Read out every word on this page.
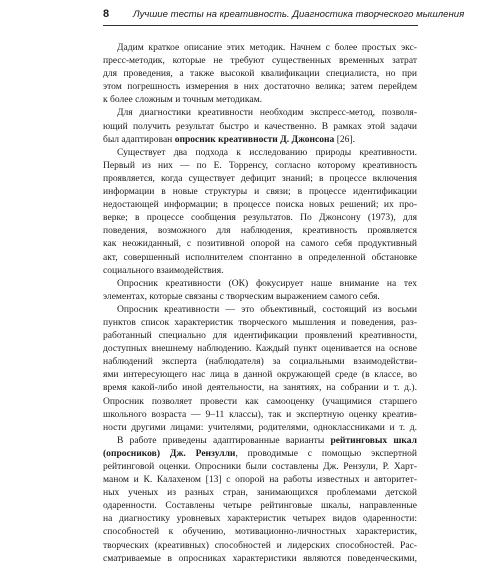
8 Лучшие тесты на креативность. Диагностика творческого мышления
Дадим краткое описание этих методик. Начнем с более простых экс-
пресс-методик, которые не требуют существенных временных затрат
для проведения, а также высокой квалификации специалиста, но при
этом погрешность измерения в них достаточно велика; затем перейдем
к более сложным и точным методикам.
Для диагностики креативности необходим экспресс-метод, позволя-
ющий получить результат быстро и качественно. В рамках этой задачи
был адаптирован опросник креативности Д. Джонсона [26].
Существует два подхода к исследованию природы креативности.
Первый из них — по Е. Торренсу, согласно которому креативность
проявляется, когда существует дефицит знаний; в процессе включения
информации в новые структуры и связи; в процессе идентификации
недостающей информации; в процессе поиска новых решений; их про-
верке; в процессе сообщения результатов. По Джонсону (1973), для
поведения, возможного для наблюдения, креативность проявляется
как неожиданный, с позитивной опорой на самого себя продуктивный
акт, совершенный исполнителем спонтанно в определенной обстановке
социального взаимодействия.
Опросник креативности (ОК) фокусирует наше внимание на тех
элементах, которые связаны с творческим выражением самого себя.
Опросник креативности — это объективный, состоящий из восьми
пунктов список характеристик творческого мышления и поведения, раз-
работанный специально для идентификации проявлений креативности,
доступных внешнему наблюдению. Каждый пункт оценивается на основе
наблюдений эксперта (наблюдателя) за социальными взаимодействи-
ями интересующего нас лица в данной окружающей среде (в классе, во
время какой-либо иной деятельности, на занятиях, на собрании и т. д.).
Опросник позволяет провести как самооценку (учащимися старшего
школьного возраста — 9–11 классы), так и экспертную оценку креатив-
ности другими лицами: учителями, родителями, одноклассниками и т. д.
В работе приведены адаптированные варианты рейтинговых шкал
(опросников) Дж. Рензулли, проводимые с помощью экспертной
рейтинговой оценки. Опросники были составлены Дж. Рензули, Р. Харт-
маном и К. Калахеном [13] с опорой на работы известных и авторитет-
ных ученых из разных стран, занимающихся проблемами детской
одаренности. Составлены четыре рейтинговые шкалы, направленные
на диагностику уровневых характеристик четырех видов одаренности:
способностей к обучению, мотивационно-личностных характеристик,
творческих (креативных) способностей и лидерских способностей. Рас-
сматриваемые в опросниках характеристики являются поведенческими,
